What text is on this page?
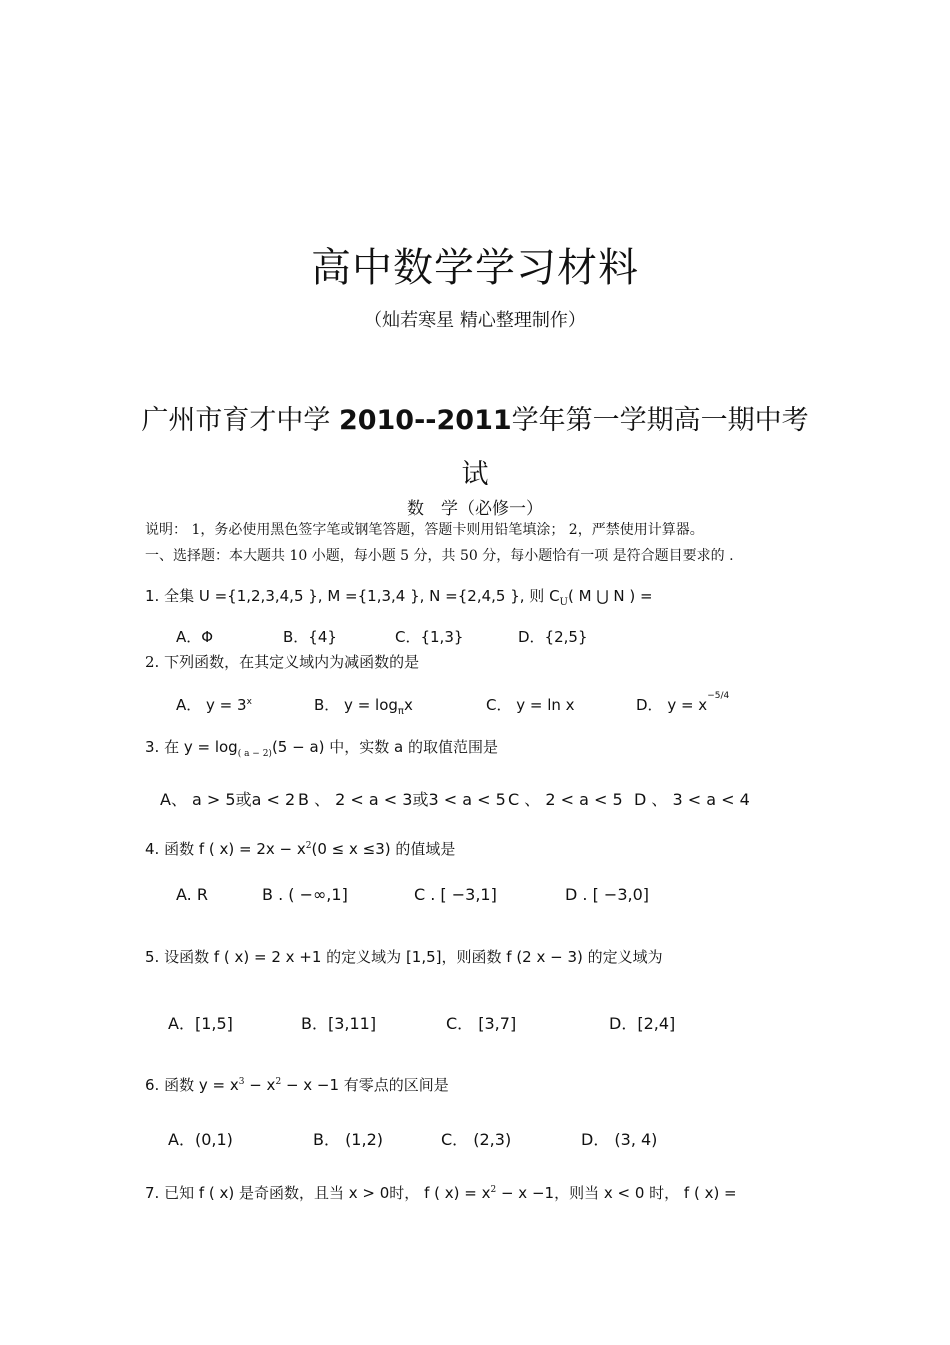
高中数学学习材料
（灿若寒星 精心整理制作）
广州市育才中学 2010--2011学年第一学期高一期中考
试
数　学（必修一）
说明： 1，务必使用黑色签字笔或钢笔答题，答题卡则用铅笔填涂； 2，严禁使用计算器。
一、选择题：本大题共 10 小题，每小题 5 分，共 50 分，每小题恰有一项 是符合题目要求的 .
1. 全集 U ={1,2,3,4,5 }, M ={1,3,4 }, N ={2,4,5 }, 则 $C_U$( M ⋃ N ) =
A．Φ	B．{4}	C．{1,3}	D．{2,5}
2. 下列函数，在其定义域内为减函数的是
A． $y = 3^x$	B． $y = \log_\pi x$	C． y = ln x	D． $y = x^{-5/4}$
3. 在 $y = \log_{( a - 2)}(5 - a)$ 中，实数 a 的取值范围是
A、 a > 5或a < 2 B 、 2 < a < 3或3 < a < 5 C 、 2 < a < 5 D 、 3 < a < 4
4. 函数 f ( $x) = 2x - x^2(0 \le x \le 3)$ 的值域是
A. R	B . ( −∞,1]	C . [ −3,1]	D . [ −3,0]
5. 设函数 f ( x) = 2 x +1 的定义域为 [1,5]，则函数 f (2 x − 3) 的定义域为
A．[1,5]	B．[3,11]	C． [3,7]	D．[2,4]
6. 函数 $y = x^3 - x^2 - x -1$ 有零点的区间是
A．(0,1)	B． (1,2)	C． (2,3)	D． (3, 4)
7. 已知 f ( x) 是奇函数，且当 x > 0时， f ( $x) = x^2 - x -1$，则当 x < 0 时， f ( x) =
